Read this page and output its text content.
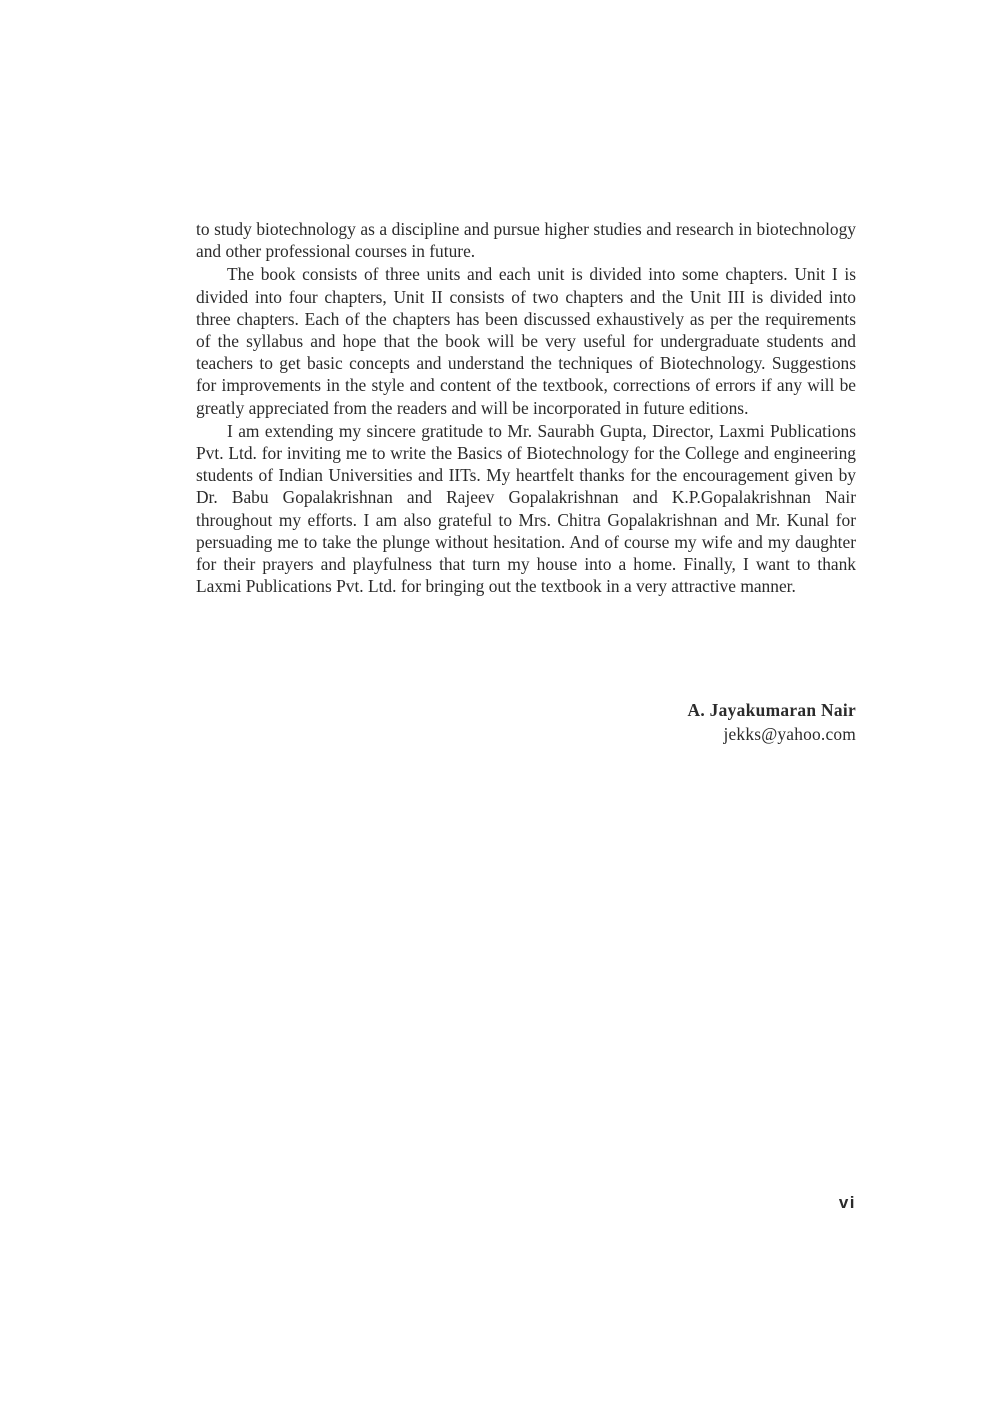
to study biotechnology as a discipline and pursue higher studies and research in biotechnology and other professional courses in future.

The book consists of three units and each unit is divided into some chapters. Unit I is divided into four chapters, Unit II consists of two chapters and the Unit III is divided into three chapters. Each of the chapters has been discussed exhaustively as per the requirements of the syllabus and hope that the book will be very useful for undergraduate students and teachers to get basic concepts and understand the techniques of Biotechnology. Suggestions for improvements in the style and content of the textbook, corrections of errors if any will be greatly appreciated from the readers and will be incorporated in future editions.

I am extending my sincere gratitude to Mr. Saurabh Gupta, Director, Laxmi Publications Pvt. Ltd. for inviting me to write the Basics of Biotechnology for the College and engineering students of Indian Universities and IITs. My heartfelt thanks for the encouragement given by Dr. Babu Gopalakrishnan and Rajeev Gopalakrishnan and K.P.Gopalakrishnan Nair throughout my efforts. I am also grateful to Mrs. Chitra Gopalakrishnan and Mr. Kunal for persuading me to take the plunge without hesitation. And of course my wife and my daughter for their prayers and playfulness that turn my house into a home. Finally, I want to thank Laxmi Publications Pvt. Ltd. for bringing out the textbook in a very attractive manner.

A. Jayakumaran Nair
jekks@yahoo.com
vi
